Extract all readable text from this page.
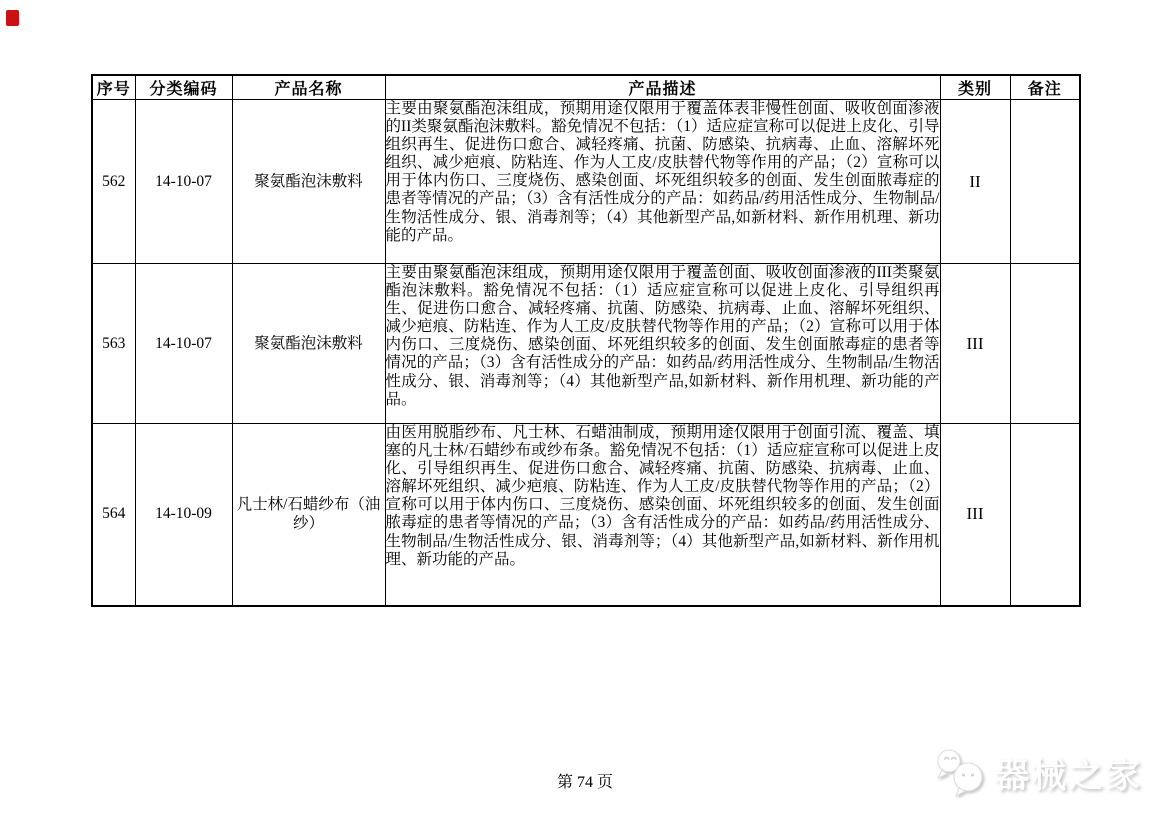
序号	分类编码	产品名称	产品描述	类别	备注
562	14-10-07	聚氨酯泡沫敷料	主要由聚氨酯泡沫组成，预期用途仅限用于覆盖体表非慢性创面、吸收创面渗液的II类聚氨酯泡沫敷料。豁免情况不包括：（1）适应症宣称可以促进上皮化、引导组织再生、促进伤口愈合、减轻疼痛、抗菌、防感染、抗病毒、止血、溶解坏死组织、减少疤痕、防粘连、作为人工皮/皮肤替代物等作用的产品；（2）宣称可以用于体内伤口、三度烧伤、感染创面、坏死组织较多的创面、发生创面脓毒症的患者等情况的产品；（3）含有活性成分的产品：如药品/药用活性成分、生物制品/生物活性成分、银、消毒剂等；（4）其他新型产品,如新材料、新作用机理、新功能的产品。	II	
563	14-10-07	聚氨酯泡沫敷料	主要由聚氨酯泡沫组成，预期用途仅限用于覆盖创面、吸收创面渗液的III类聚氨酯泡沫敷料。豁免情况不包括：（1）适应症宣称可以促进上皮化、引导组织再生、促进伤口愈合、减轻疼痛、抗菌、防感染、抗病毒、止血、溶解坏死组织、减少疤痕、防粘连、作为人工皮/皮肤替代物等作用的产品；（2）宣称可以用于体内伤口、三度烧伤、感染创面、坏死组织较多的创面、发生创面脓毒症的患者等情况的产品；（3）含有活性成分的产品：如药品/药用活性成分、生物制品/生物活性成分、银、消毒剂等；（4）其他新型产品,如新材料、新作用机理、新功能的产品。	III	
564	14-10-09	凡士林/石蜡纱布（油纱）	由医用脱脂纱布、凡士林、石蜡油制成，预期用途仅限用于创面引流、覆盖、填塞的凡士林/石蜡纱布或纱布条。豁免情况不包括：（1）适应症宣称可以促进上皮化、引导组织再生、促进伤口愈合、减轻疼痛、抗菌、防感染、抗病毒、止血、溶解坏死组织、减少疤痕、防粘连、作为人工皮/皮肤替代物等作用的产品；（2）宣称可以用于体内伤口、三度烧伤、感染创面、坏死组织较多的创面、发生创面脓毒症的患者等情况的产品；（3）含有活性成分的产品：如药品/药用活性成分、生物制品/生物活性成分、银、消毒剂等；（4）其他新型产品,如新材料、新作用机理、新功能的产品。	III	
第 74 页	器械之家
